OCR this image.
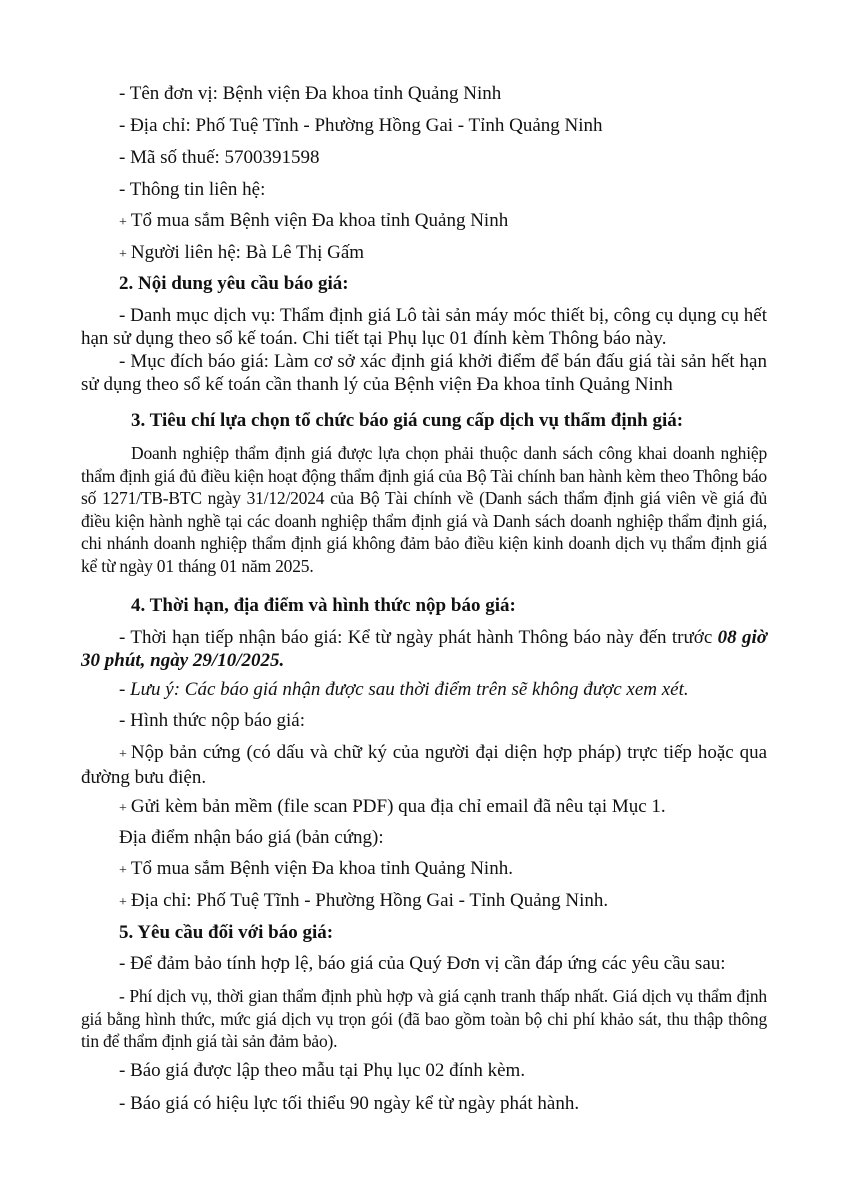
- Tên đơn vị: Bệnh viện Đa khoa tỉnh Quảng Ninh
- Địa chỉ: Phố Tuệ Tĩnh - Phường Hồng Gai - Tỉnh Quảng Ninh
- Mã số thuế: 5700391598
- Thông tin liên hệ:
+ Tổ mua sắm Bệnh viện Đa khoa tỉnh Quảng Ninh
+ Người liên hệ: Bà Lê Thị Gấm
2. Nội dung yêu cầu báo giá:
- Danh mục dịch vụ: Thẩm định giá Lô tài sản máy móc thiết bị, công cụ dụng cụ hết hạn sử dụng theo sổ kế toán. Chi tiết tại Phụ lục 01 đính kèm Thông báo này.
- Mục đích báo giá: Làm cơ sở xác định giá khởi điểm để bán đấu giá tài sản hết hạn sử dụng theo sổ kế toán cần thanh lý của Bệnh viện Đa khoa tỉnh Quảng Ninh
3. Tiêu chí lựa chọn tổ chức báo giá cung cấp dịch vụ thẩm định giá:
Doanh nghiệp thẩm định giá được lựa chọn phải thuộc danh sách công khai doanh nghiệp thẩm định giá đủ điều kiện hoạt động thẩm định giá của Bộ Tài chính ban hành kèm theo Thông báo số 1271/TB-BTC ngày 31/12/2024 của Bộ Tài chính về (Danh sách thẩm định giá viên về giá đủ điều kiện hành nghề tại các doanh nghiệp thẩm định giá và Danh sách doanh nghiệp thẩm định giá, chi nhánh doanh nghiệp thẩm định giá không đảm bảo điều kiện kinh doanh dịch vụ thẩm định giá kể từ ngày 01 tháng 01 năm 2025.
4. Thời hạn, địa điểm và hình thức nộp báo giá:
- Thời hạn tiếp nhận báo giá: Kể từ ngày phát hành Thông báo này đến trước 08 giờ 30 phút, ngày 29/10/2025.
- Lưu ý: Các báo giá nhận được sau thời điểm trên sẽ không được xem xét.
- Hình thức nộp báo giá:
+ Nộp bản cứng (có dấu và chữ ký của người đại diện hợp pháp) trực tiếp hoặc qua đường bưu điện.
+ Gửi kèm bản mềm (file scan PDF) qua địa chỉ email đã nêu tại Mục 1.
Địa điểm nhận báo giá (bản cứng):
+ Tổ mua sắm Bệnh viện Đa khoa tỉnh Quảng Ninh.
+ Địa chỉ: Phố Tuệ Tĩnh - Phường Hồng Gai - Tỉnh Quảng Ninh.
5. Yêu cầu đối với báo giá:
- Để đảm bảo tính hợp lệ, báo giá của Quý Đơn vị cần đáp ứng các yêu cầu sau:
- Phí dịch vụ, thời gian thẩm định phù hợp và giá cạnh tranh thấp nhất. Giá dịch vụ thẩm định giá bằng hình thức, mức giá dịch vụ trọn gói (đã bao gồm toàn bộ chi phí khảo sát, thu thập thông tin để thẩm định giá tài sản đảm bảo).
- Báo giá được lập theo mẫu tại Phụ lục 02 đính kèm.
- Báo giá có hiệu lực tối thiểu 90 ngày kể từ ngày phát hành.
